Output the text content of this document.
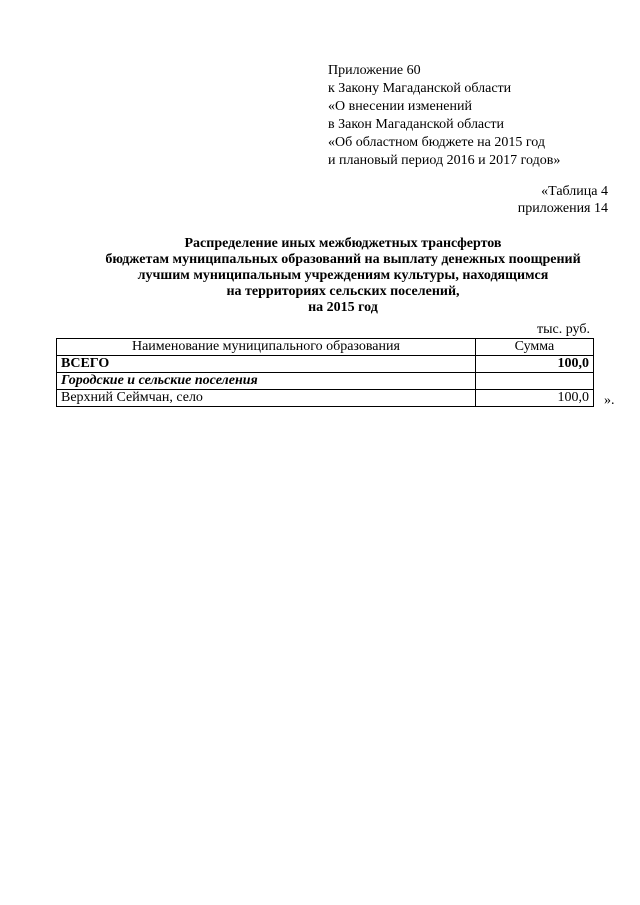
Приложение 60
к Закону Магаданской области
«О внесении изменений
в Закон Магаданской области
«Об областном бюджете на 2015 год
и плановый период 2016 и 2017 годов»
«Таблица 4
приложения 14
Распределение иных межбюджетных трансфертов
бюджетам муниципальных образований на выплату денежных поощрений
лучшим муниципальным учреждениям культуры, находящимся
на территориях сельских поселений,
на 2015 год
тыс. руб.
Наименование муниципального образования	Сумма
ВСЕГО	100,0
Городские и сельские поселения	
Верхний Сеймчан, село	100,0 ».
